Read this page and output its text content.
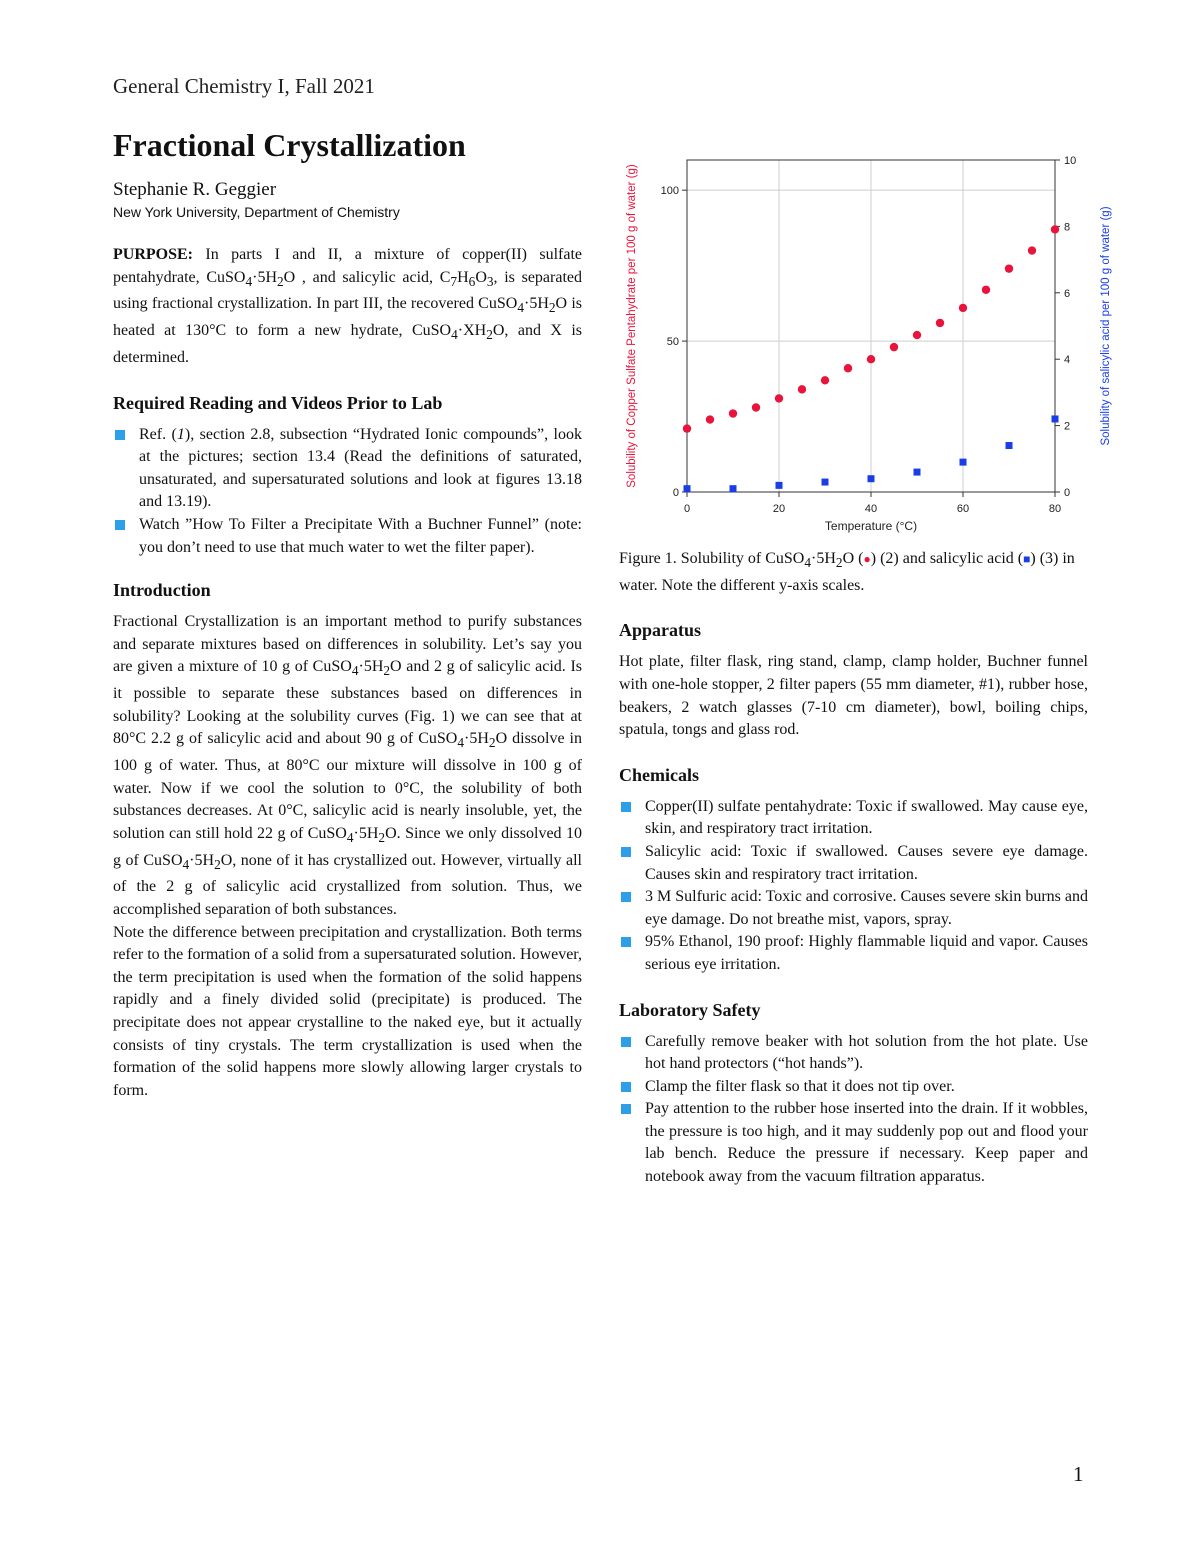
General Chemistry I, Fall 2021
Fractional Crystallization

Stephanie R. Geggier

New York University, Department of Chemistry

PURPOSE: In parts I and II, a mixture of copper(II) sulfate pentahydrate, $CuSO_4\cdot 5H_2O$ , and salicylic acid, $C_7H_6O_3$, is separated using fractional crystallization. In part III, the recovered $CuSO_4\cdot 5H_2O$ is heated at 130°C to form a new hydrate, $CuSO_4\cdot XH_2O$, and X is determined.

Required Reading and Videos Prior to Lab
Ref. (1), section 2.8, subsection “Hydrated Ionic compounds”, look at the pictures; section 13.4 (Read the definitions of saturated, unsaturated, and supersaturated solutions and look at figures 13.18 and 13.19).
Watch ”How To Filter a Precipitate With a Buchner Funnel” (note: you don’t need to use that much water to wet the filter paper).
Introduction

Fractional Crystallization is an important method to purify substances and separate mixtures based on differences in solubility. Let’s say you are given a mixture of 10 g of $CuSO_4\cdot 5H_2O$ and 2 g of salicylic acid. Is it possible to separate these substances based on differences in solubility? Looking at the solubility curves (Fig. 1) we can see that at 80°C 2.2 g of salicylic acid and about 90 g of $CuSO_4\cdot 5H_2O$ dissolve in 100 g of water. Thus, at 80°C our mixture will dissolve in 100 g of water. Now if we cool the solution to 0°C, the solubility of both substances decreases. At 0°C, salicylic acid is nearly insoluble, yet, the solution can still hold 22 g of $CuSO_4\cdot 5H_2O$. Since we only dissolved 10 g of $CuSO_4\cdot 5H_2O$, none of it has crystallized out. However, virtually all of the 2 g of salicylic acid crystallized from solution. Thus, we accomplished separation of both substances.

Note the difference between precipitation and crystallization. Both terms refer to the formation of a solid from a supersaturated solution. However, the term precipitation is used when the formation of the solid happens rapidly and a finely divided solid (precipitate) is produced. The precipitate does not appear crystalline to the naked eye, but it actually consists of tiny crystals. The term crystallization is used when the formation of the solid happens more slowly allowing larger crystals to form.

0	20	40	60	80
0
50
100
0
2
4
6
8
10
Temperature (°C)
Solubility of Copper Sulfate Pentahydrate per 100 g of water (g)	Solubility of salicylic acid per 100 g of water (g)

Figure 1. Solubility of $CuSO_4\cdot 5H_2O$ (●) (2) and salicylic acid (■) (3) in water. Note the different y-axis scales.

Apparatus

Hot plate, filter flask, ring stand, clamp, clamp holder, Buchner funnel with one-hole stopper, 2 filter papers (55 mm diameter, #1), rubber hose, beakers, 2 watch glasses (7-10 cm diameter), bowl, boiling chips, spatula, tongs and glass rod.

Chemicals
Copper(II) sulfate pentahydrate: Toxic if swallowed. May cause eye, skin, and respiratory tract irritation.
Salicylic acid: Toxic if swallowed. Causes severe eye damage. Causes skin and respiratory tract irritation.
3 M Sulfuric acid: Toxic and corrosive. Causes severe skin burns and eye damage. Do not breathe mist, vapors, spray.
95% Ethanol, 190 proof: Highly flammable liquid and vapor. Causes serious eye irritation.
Laboratory Safety
Carefully remove beaker with hot solution from the hot plate. Use hot hand protectors (“hot hands”).
Clamp the filter flask so that it does not tip over.
Pay attention to the rubber hose inserted into the drain. If it wobbles, the pressure is too high, and it may suddenly pop out and flood your lab bench. Reduce the pressure if necessary. Keep paper and notebook away from the vacuum filtration apparatus.
1
